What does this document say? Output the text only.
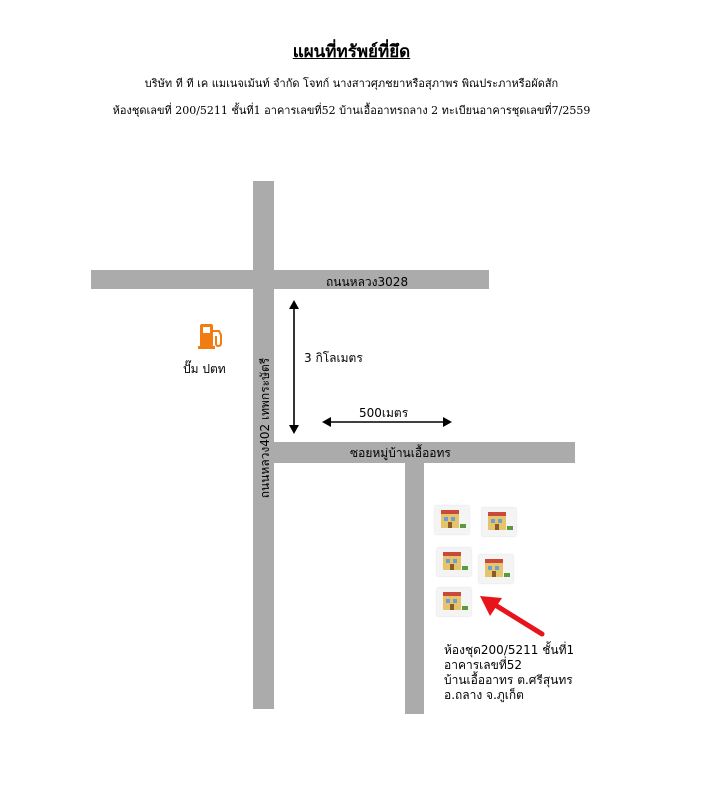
แผนที่ทรัพย์ที่ยึด
บริษัท ที ที เค แมเนจเม้นท์ จำกัด โจทก์ นางสาวศุภชยาหรือสุภาพร พิณประภาหรือผัดสัก
ห้องชุดเลขที่ 200/5211 ชั้นที่1 อาคารเลขที่52 บ้านเอื้ออาทรถลาง 2 ทะเบียนอาคารชุดเลขที่7/2559
ถนนหลวง3028
ซอยหมู่บ้านเอื้ออทร
ถนนหลวง402 เทพกระษัตรี
ปั๊ม ปตท
3 กิโลเมตร
500เมตร
ห้องชุด200/5211 ชั้นที่1
อาคารเลขที่52
บ้านเอื้ออาทร ต.ศรีสุนทร
อ.ถลาง จ.ภูเก็ต
